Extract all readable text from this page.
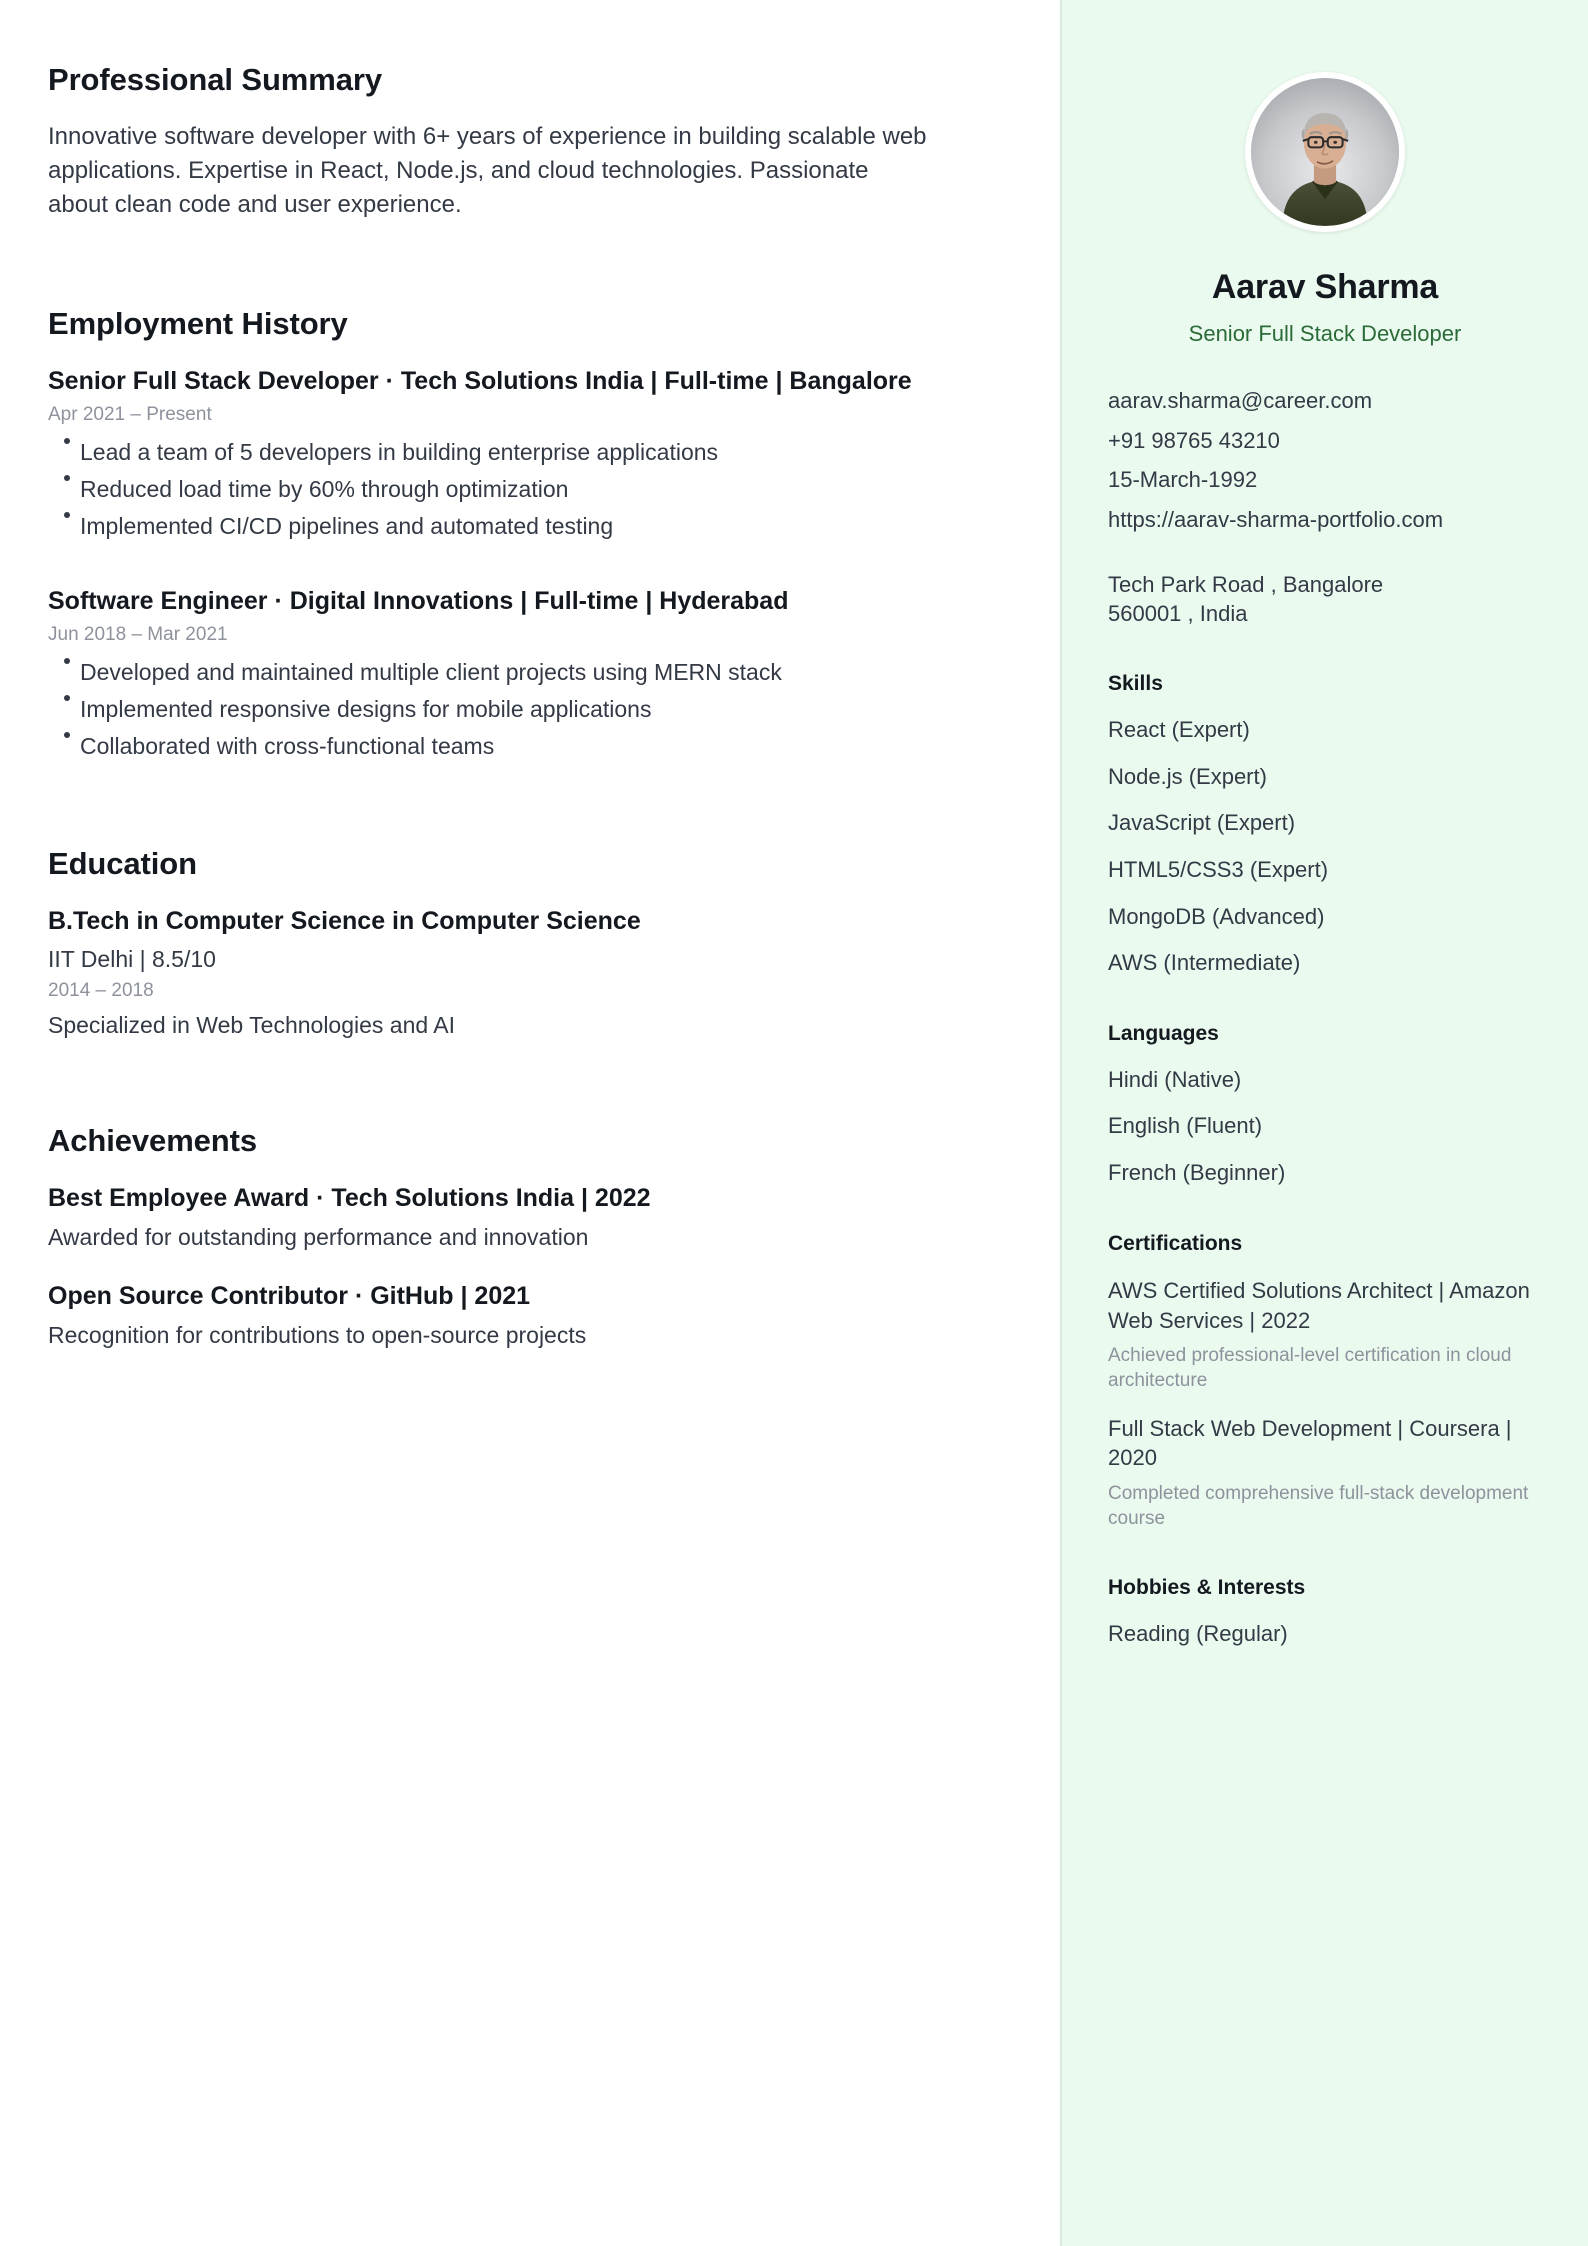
Professional Summary
Innovative software developer with 6+ years of experience in building scalable web applications. Expertise in React, Node.js, and cloud technologies. Passionate about clean code and user experience.
Employment History
Senior Full Stack Developer · Tech Solutions India | Full-time | Bangalore
Apr 2021 – Present
Lead a team of 5 developers in building enterprise applications
Reduced load time by 60% through optimization
Implemented CI/CD pipelines and automated testing
Software Engineer · Digital Innovations | Full-time | Hyderabad
Jun 2018 – Mar 2021
Developed and maintained multiple client projects using MERN stack
Implemented responsive designs for mobile applications
Collaborated with cross-functional teams
Education
B.Tech in Computer Science in Computer Science
IIT Delhi | 8.5/10
2014 – 2018
Specialized in Web Technologies and AI
Achievements
Best Employee Award · Tech Solutions India | 2022
Awarded for outstanding performance and innovation
Open Source Contributor · GitHub | 2021
Recognition for contributions to open-source projects
Aarav Sharma
Senior Full Stack Developer
aarav.sharma@career.com
+91 98765 43210
15-March-1992
https://aarav-sharma-portfolio.com
Tech Park Road , Bangalore
560001 , India
Skills
React (Expert)
Node.js (Expert)
JavaScript (Expert)
HTML5/CSS3 (Expert)
MongoDB (Advanced)
AWS (Intermediate)
Languages
Hindi (Native)
English (Fluent)
French (Beginner)
Certifications
AWS Certified Solutions Architect | Amazon Web Services | 2022
Achieved professional-level certification in cloud architecture
Full Stack Web Development | Coursera | 2020
Completed comprehensive full-stack development course
Hobbies & Interests
Reading (Regular)
